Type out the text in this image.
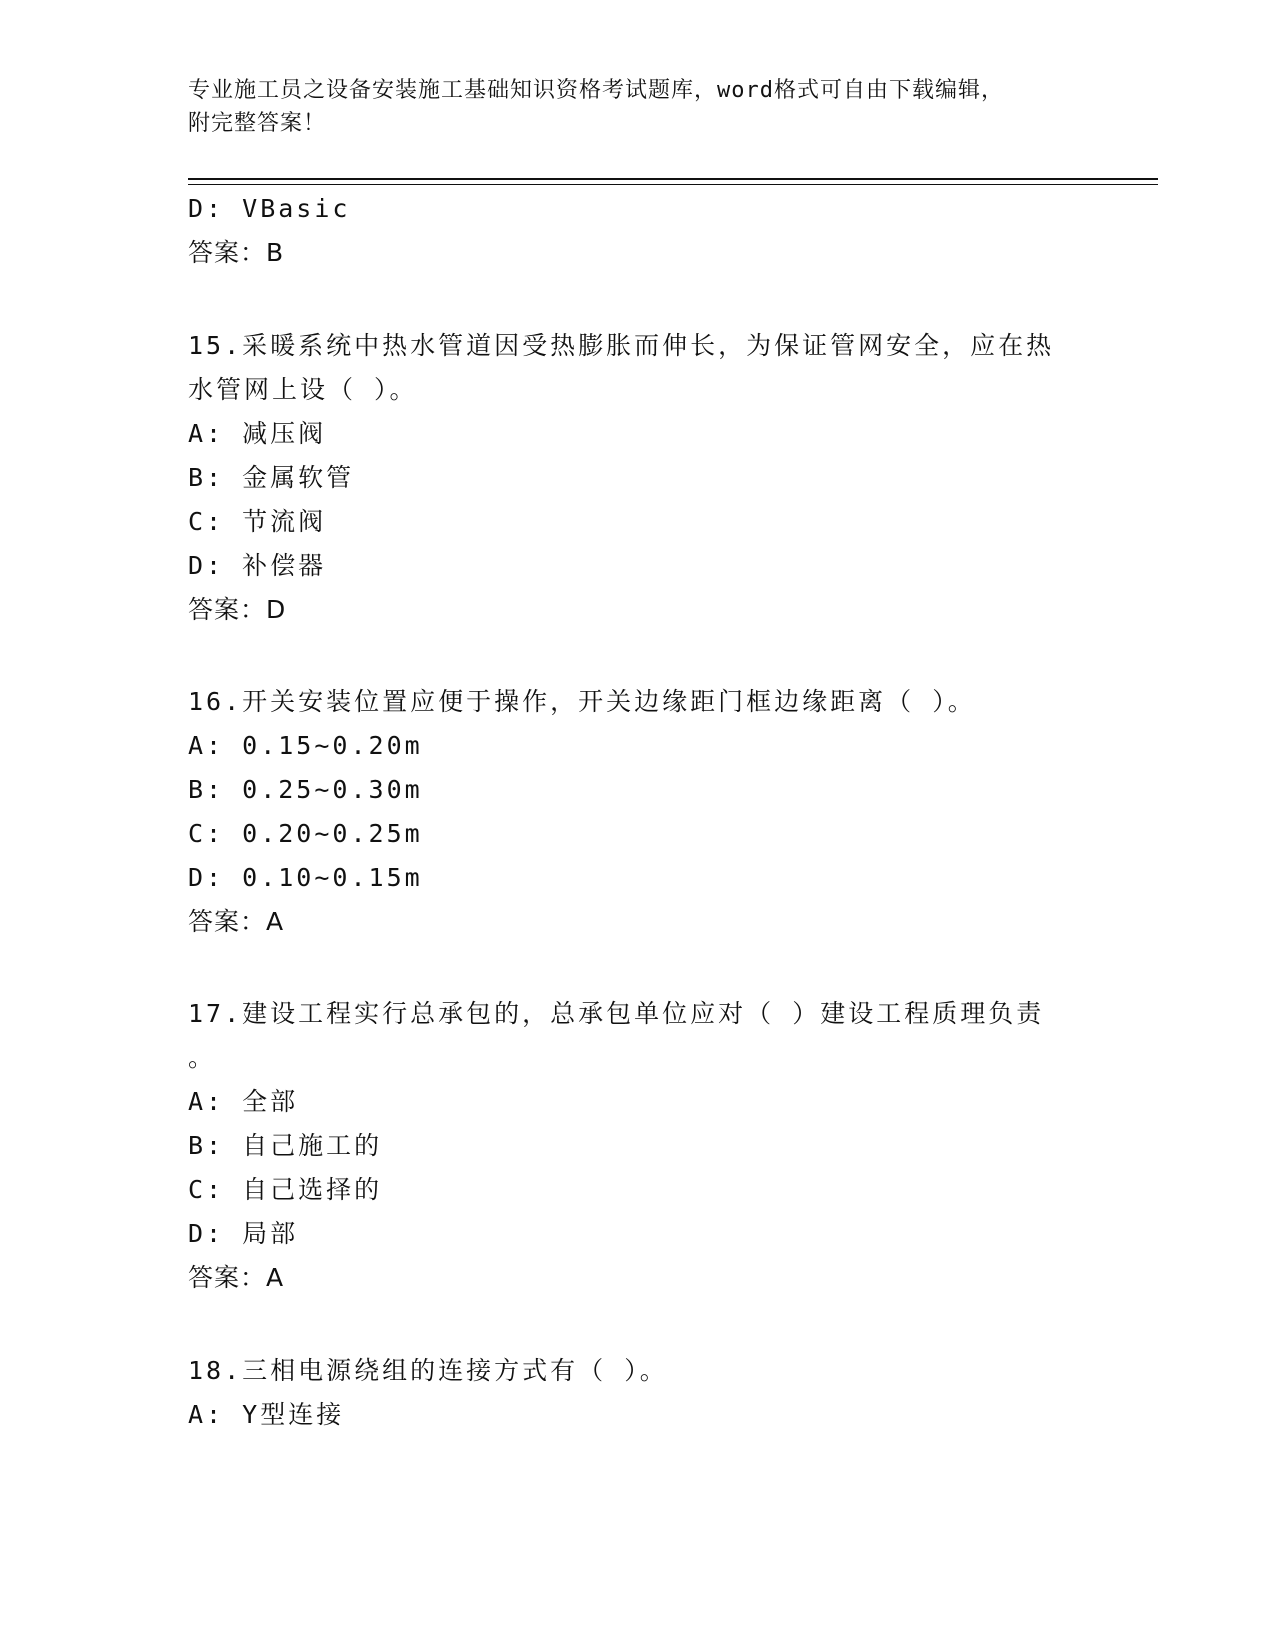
专业施工员之设备安装施工基础知识资格考试题库，word格式可自由下载编辑，
附完整答案！
D: VBasic
答案：B
15.采暖系统中热水管道因受热膨胀而伸长，为保证管网安全，应在热
水管网上设（ ）。
A: 减压阀
B: 金属软管
C: 节流阀
D: 补偿器
答案：D
16.开关安装位置应便于操作，开关边缘距门框边缘距离（ ）。
A: 0.15~0.20m
B: 0.25~0.30m
C: 0.20~0.25m
D: 0.10~0.15m
答案：A
17.建设工程实行总承包的，总承包单位应对（ ）建设工程质理负责
。
A: 全部
B: 自己施工的
C: 自己选择的
D: 局部
答案：A
18.三相电源绕组的连接方式有（ ）。
A: Y型连接
